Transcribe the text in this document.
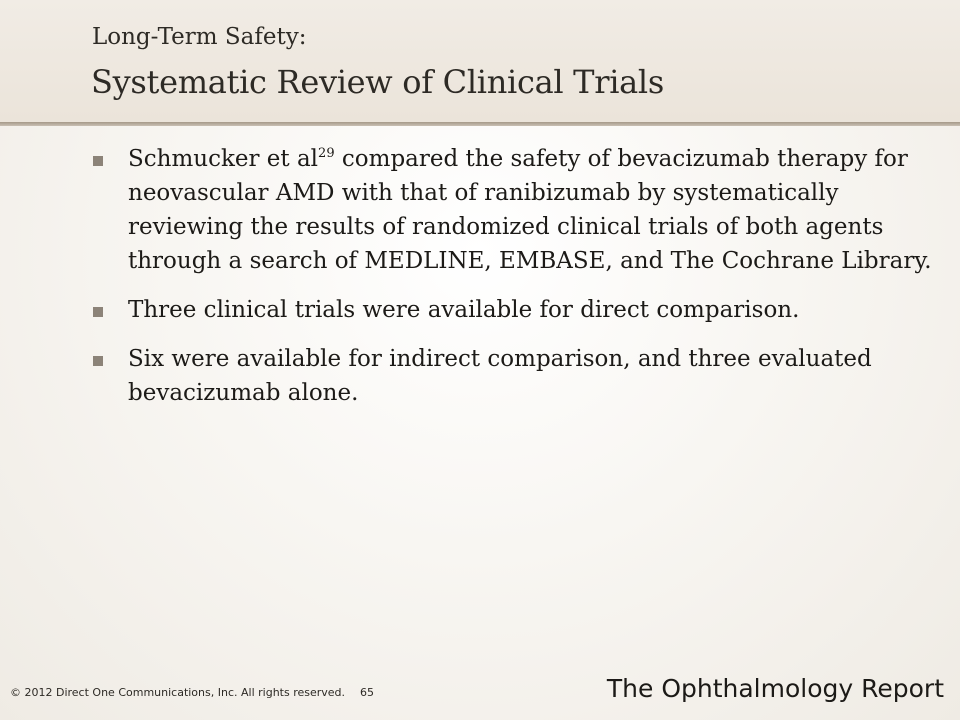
Long-Term Safety:
Systematic Review of Clinical Trials
Schmucker et $al^{29}$ compared the safety of bevacizumab therapy for neovascular AMD with that of ranibizumab by systematically reviewing the results of randomized clinical trials of both agents through a search of MEDLINE, EMBASE, and The Cochrane Library.
Three clinical trials were available for direct comparison.
Six were available for indirect comparison, and three evaluated bevacizumab alone.
© 2012 Direct One Communications, Inc. All rights reserved. 65	The Ophthalmology Report
